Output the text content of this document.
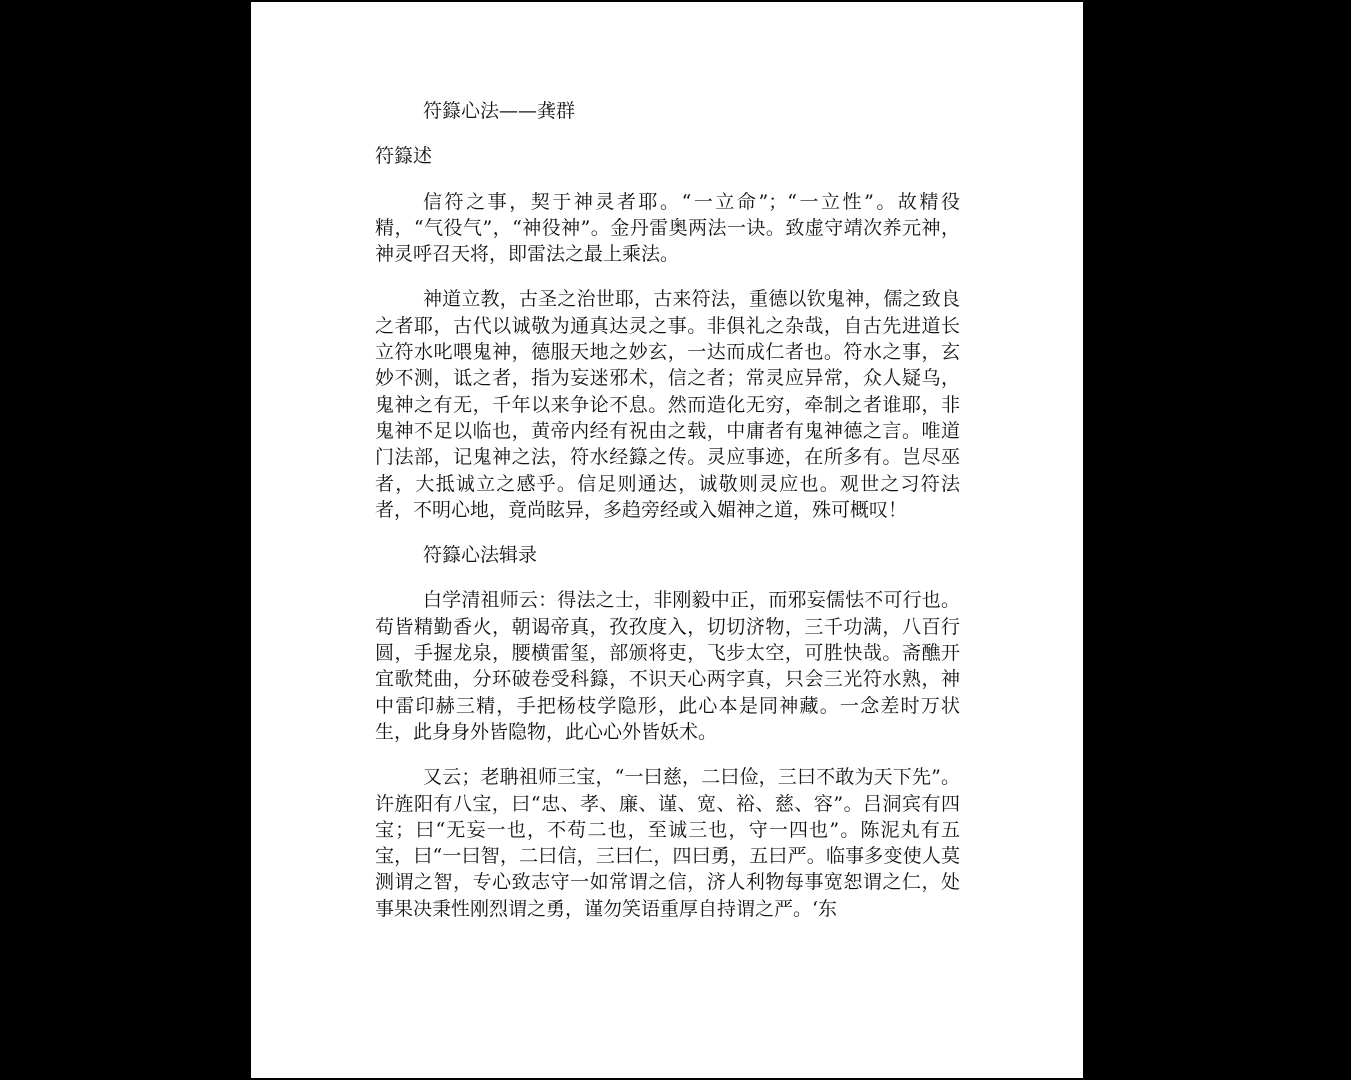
符籙心法——龚群

符籙述

信符之事，契于神灵者耶。“一立命”；“一立性”。故精役精，“气役气”，“神役神”。金丹雷奥两法一诀。致虚守靖次养元神，神灵呼召天将，即雷法之最上乘法。

神道立教，古圣之治世耶，古来符法，重德以钦鬼神，儒之致良之者耶，古代以诚敬为通真达灵之事。非俱礼之杂哉，自古先进道长立符水叱喂鬼神，德服天地之妙玄，一达而成仁者也。符水之事，玄妙不测，诋之者，指为妄迷邪术，信之者；常灵应异常，众人疑乌，鬼神之有无，千年以来争论不息。然而造化无穷，牵制之者谁耶，非鬼神不足以临也，黄帝内经有祝由之载，中庸者有鬼神德之言。唯道门法部，记鬼神之法，符水经籙之传。灵应事迹，在所多有。岂尽巫者，大抵诚立之感乎。信足则通达，诚敬则灵应也。观世之习符法者，不明心地，竟尚眩异，多趋旁经或入媚神之道，殊可概叹！

符籙心法辑录

白学清祖师云：得法之士，非刚毅中正，而邪妄儒怯不可行也。苟皆精勤香火，朝谒帝真，孜孜度入，切切济物，三千功满，八百行圆，手握龙泉，腰横雷玺，部颁将吏，飞步太空，可胜快哉。斋醮开宜歌梵曲，分环破卷受科籙，不识天心两字真，只会三光符水熟，神中雷印赫三精，手把杨枝学隐形，此心本是同神藏。一念差时万状生，此身身外皆隐物，此心心外皆妖术。

又云；老聃祖师三宝，“一曰慈，二曰俭，三曰不敢为天下先”。许旌阳有八宝，曰“忠、孝、廉、谨、宽、裕、慈、容”。吕洞宾有四宝；曰“无妄一也，不苟二也，至诚三也，守一四也”。陈泥丸有五宝，曰“一曰智，二曰信，三曰仁，四曰勇，五曰严。临事多变使人莫测谓之智，专心致志守一如常谓之信，济人利物每事宽恕谓之仁，处事果决秉性刚烈谓之勇，谨勿笑语重厚自持谓之严。‘东
